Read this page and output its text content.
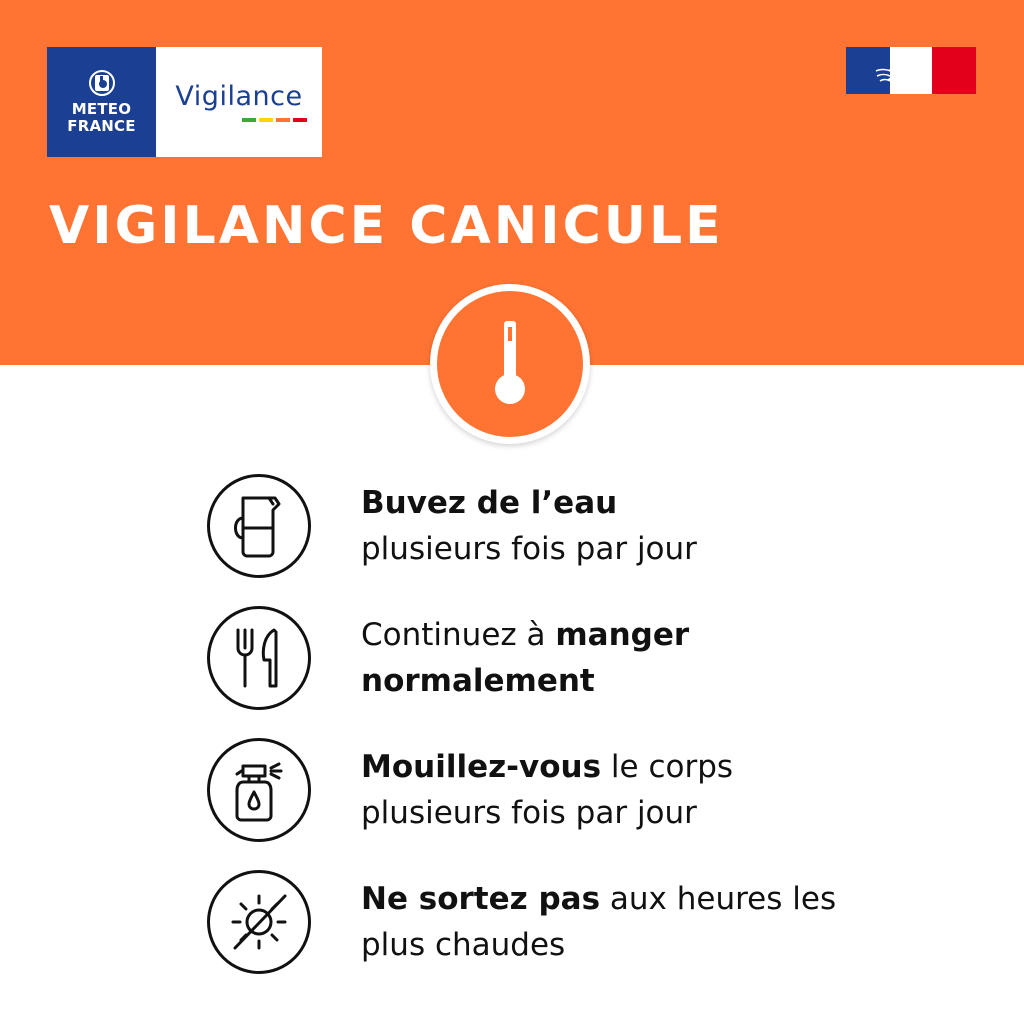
METEO
FRANCE
Vigilance
VIGILANCE CANICULE
Buvez de l’eau
plusieurs fois par jour
Continuez à manger normalement
Mouillez-vous le corps plusieurs fois par jour
Ne sortez pas aux heures les plus chaudes
